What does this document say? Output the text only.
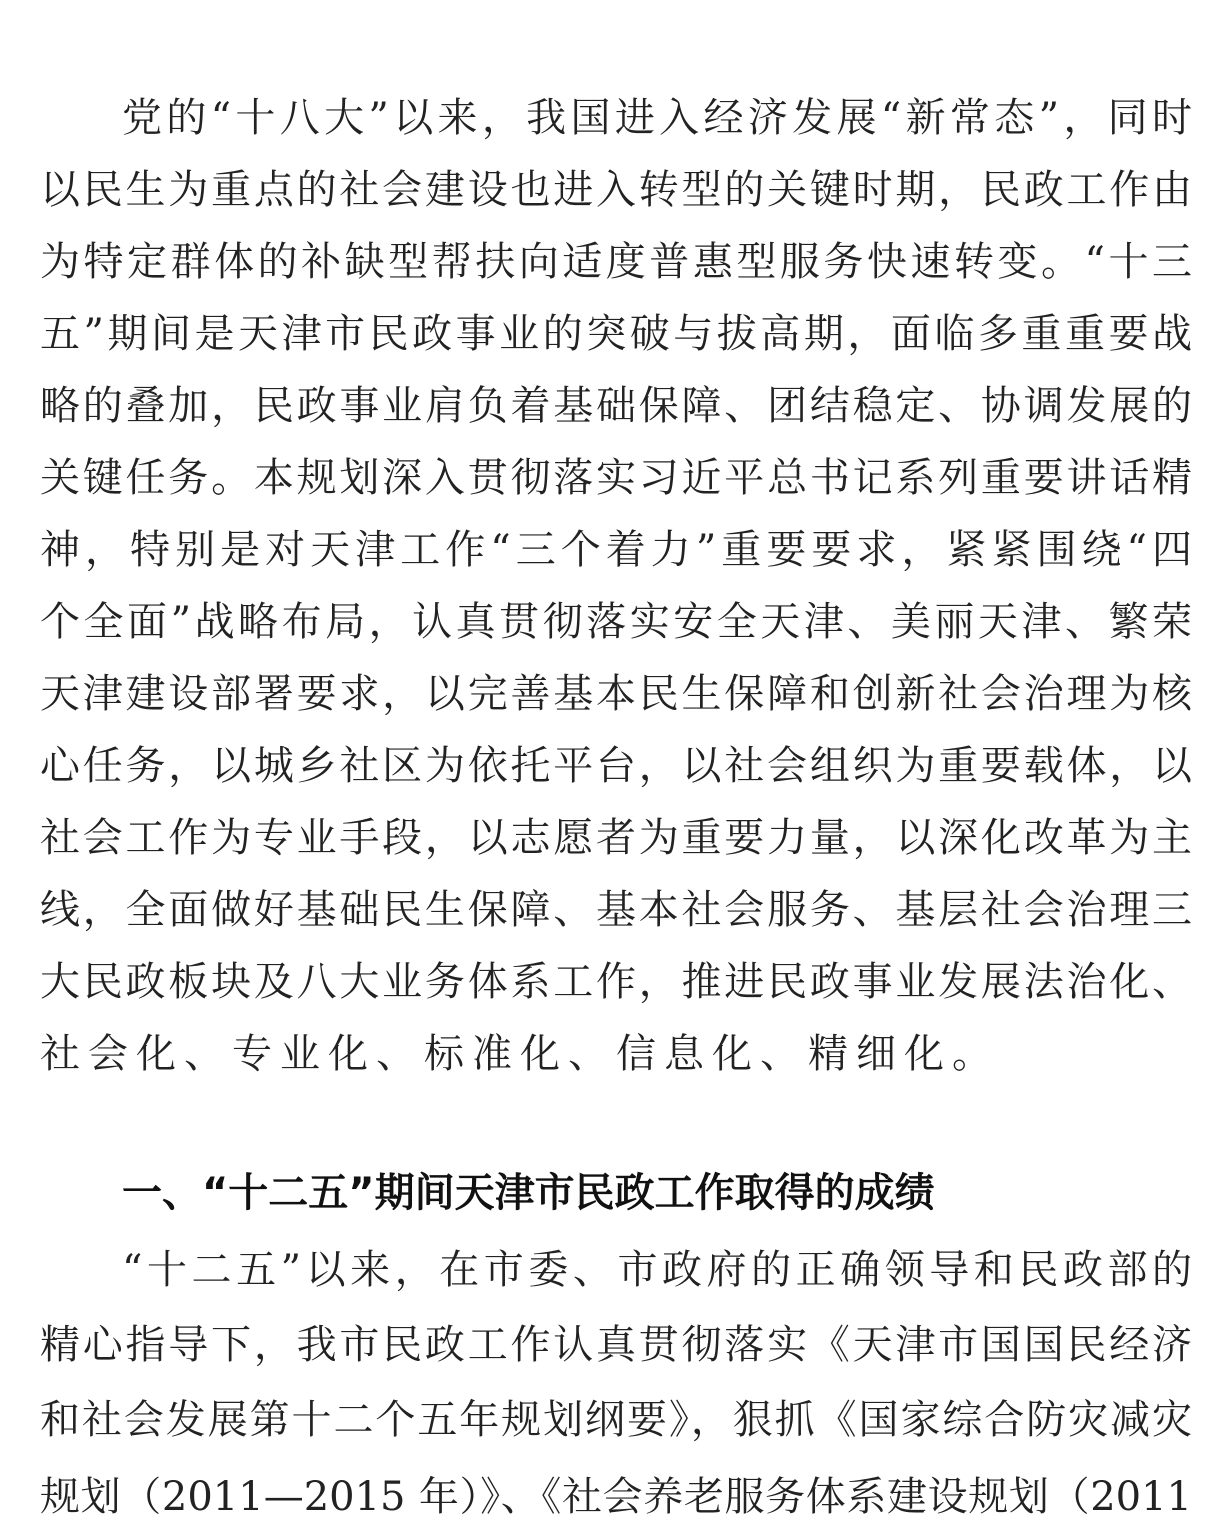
党的“十八大”以来，我国进入经济发展“新常态”，同时
以民生为重点的社会建设也进入转型的关键时期，民政工作由
为特定群体的补缺型帮扶向适度普惠型服务快速转变。“十三
五”期间是天津市民政事业的突破与拔高期，面临多重重要战
略的叠加，民政事业肩负着基础保障、团结稳定、协调发展的
关键任务。本规划深入贯彻落实习近平总书记系列重要讲话精
神，特别是对天津工作“三个着力”重要要求，紧紧围绕“四
个全面”战略布局，认真贯彻落实安全天津、美丽天津、繁荣
天津建设部署要求，以完善基本民生保障和创新社会治理为核
心任务，以城乡社区为依托平台，以社会组织为重要载体，以
社会工作为专业手段，以志愿者为重要力量，以深化改革为主
线，全面做好基础民生保障、基本社会服务、基层社会治理三
大民政板块及八大业务体系工作，推进民政事业发展法治化、
社会化、专业化、标准化、信息化、精细化。
一、“十二五”期间天津市民政工作取得的成绩
“十二五”以来，在市委、市政府的正确领导和民政部的
精心指导下，我市民政工作认真贯彻落实《天津市国国民经济
和社会发展第十二个五年规划纲要》，狠抓《国家综合防灾减灾
规划（2011—2015 年）》、《社会养老服务体系建设规划（2011
